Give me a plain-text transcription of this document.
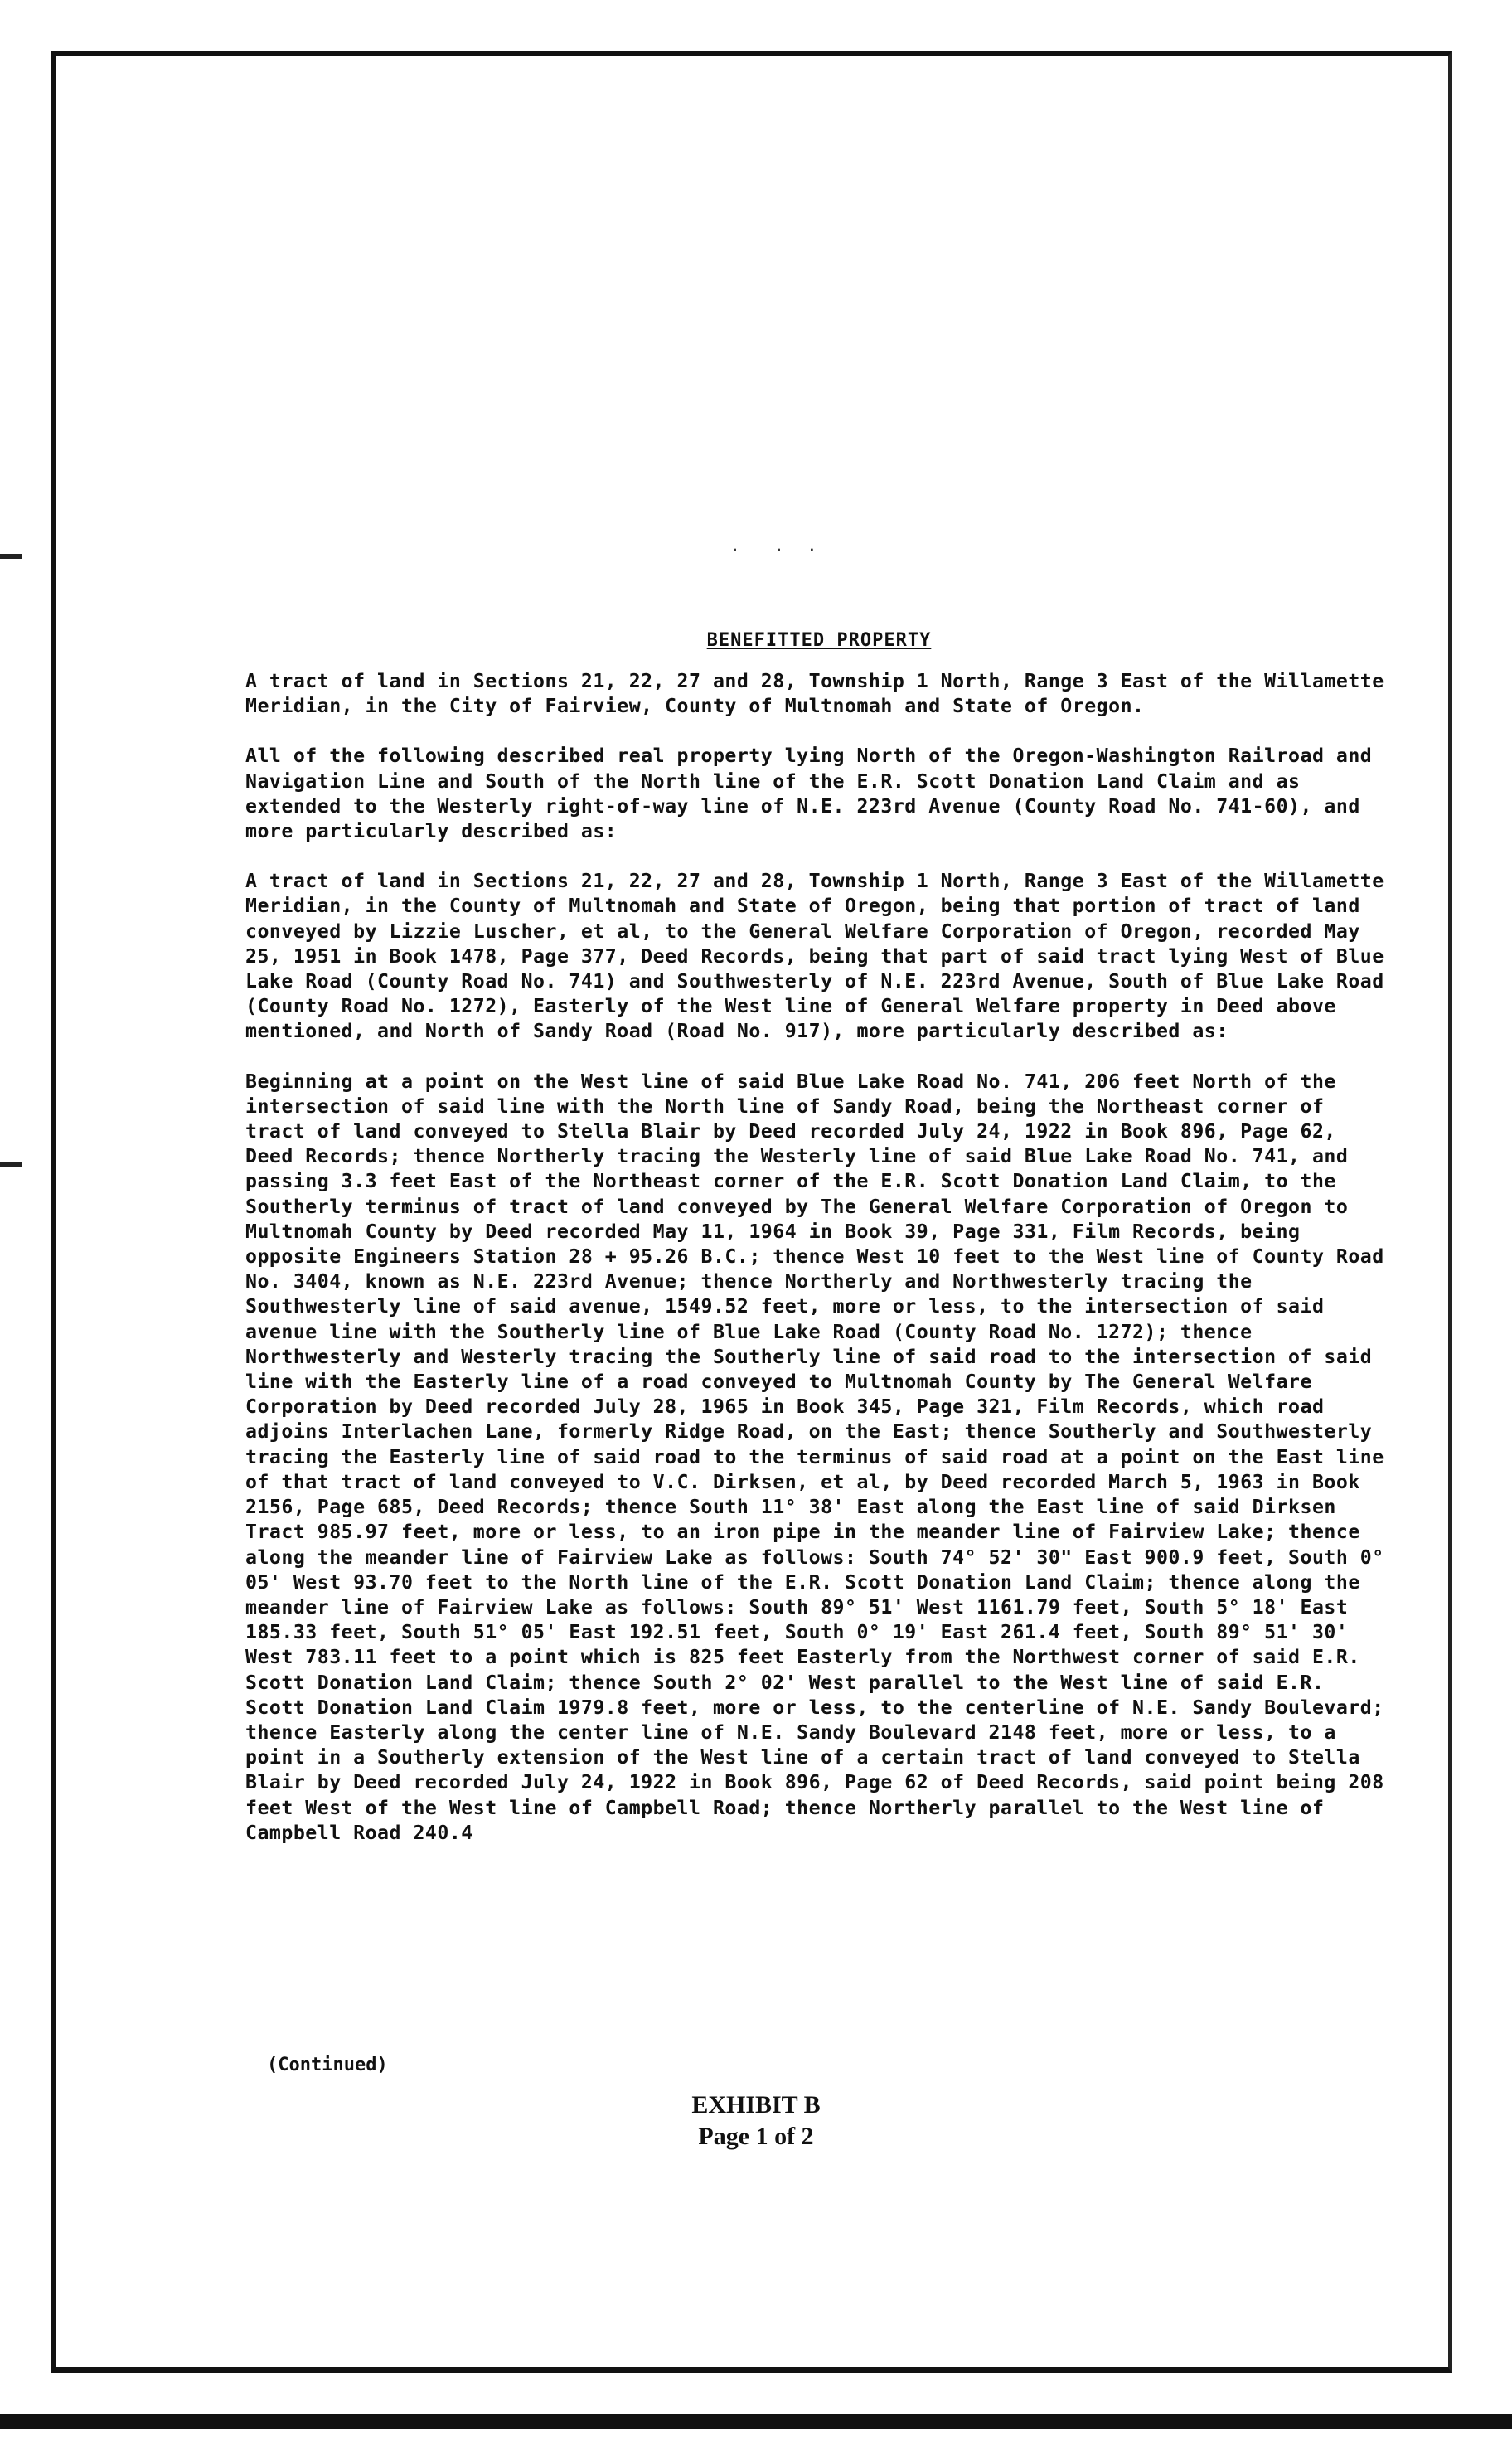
·   ·  ·
BENEFITTED PROPERTY

A tract of land in Sections 21, 22, 27 and 28, Township 1 North, Range 3 East of the Willamette Meridian, in the City of Fairview, County of Multnomah and State of Oregon.

All of the following described real property lying North of the Oregon-Washington Railroad and Navigation Line and South of the North line of the E.R. Scott Donation Land Claim and as extended to the Westerly right-of-way line of N.E. 223rd Avenue (County Road No. 741-60), and more particularly described as:

A tract of land in Sections 21, 22, 27 and 28, Township 1 North, Range 3 East of the Willamette Meridian, in the County of Multnomah and State of Oregon, being that portion of tract of land conveyed by Lizzie Luscher, et al, to the General Welfare Corporation of Oregon, recorded May 25, 1951 in Book 1478, Page 377, Deed Records, being that part of said tract lying West of Blue Lake Road (County Road No. 741) and Southwesterly of N.E. 223rd Avenue, South of Blue Lake Road (County Road No. 1272), Easterly of the West line of General Welfare property in Deed above mentioned, and North of Sandy Road (Road No. 917), more particularly described as:

Beginning at a point on the West line of said Blue Lake Road No. 741, 206 feet North of the intersection of said line with the North line of Sandy Road, being the Northeast corner of tract of land conveyed to Stella Blair by Deed recorded July 24, 1922 in Book 896, Page 62, Deed Records; thence Northerly tracing the Westerly line of said Blue Lake Road No. 741, and passing 3.3 feet East of the Northeast corner of the E.R. Scott Donation Land Claim, to the Southerly terminus of tract of land conveyed by The General Welfare Corporation of Oregon to Multnomah County by Deed recorded May 11, 1964 in Book 39, Page 331, Film Records, being opposite Engineers Station 28 + 95.26 B.C.; thence West 10 feet to the West line of County Road No. 3404, known as N.E. 223rd Avenue; thence Northerly and Northwesterly tracing the Southwesterly line of said avenue, 1549.52 feet, more or less, to the intersection of said avenue line with the Southerly line of Blue Lake Road (County Road No. 1272); thence Northwesterly and Westerly tracing the Southerly line of said road to the intersection of said line with the Easterly line of a road conveyed to Multnomah County by The General Welfare Corporation by Deed recorded July 28, 1965 in Book 345, Page 321, Film Records, which road adjoins Interlachen Lane, formerly Ridge Road, on the East; thence Southerly and Southwesterly tracing the Easterly line of said road to the terminus of said road at a point on the East line of that tract of land conveyed to V.C. Dirksen, et al, by Deed recorded March 5, 1963 in Book 2156, Page 685, Deed Records; thence South 11° 38' East along the East line of said Dirksen Tract 985.97 feet, more or less, to an iron pipe in the meander line of Fairview Lake; thence along the meander line of Fairview Lake as follows: South 74° 52' 30" East 900.9 feet, South 0° 05' West 93.70 feet to the North line of the E.R. Scott Donation Land Claim; thence along the meander line of Fairview Lake as follows: South 89° 51' West 1161.79 feet, South 5° 18' East 185.33 feet, South 51° 05' East 192.51 feet, South 0° 19' East 261.4 feet, South 89° 51' 30' West 783.11 feet to a point which is 825 feet Easterly from the Northwest corner of said E.R. Scott Donation Land Claim; thence South 2° 02' West parallel to the West line of said E.R. Scott Donation Land Claim 1979.8 feet, more or less, to the centerline of N.E. Sandy Boulevard; thence Easterly along the center line of N.E. Sandy Boulevard 2148 feet, more or less, to a point in a Southerly extension of the West line of a certain tract of land conveyed to Stella Blair by Deed recorded July 24, 1922 in Book 896, Page 62 of Deed Records, said point being 208 feet West of the West line of Campbell Road; thence Northerly parallel to the West line of Campbell Road 240.4

(Continued)
EXHIBIT B
Page 1 of 2
